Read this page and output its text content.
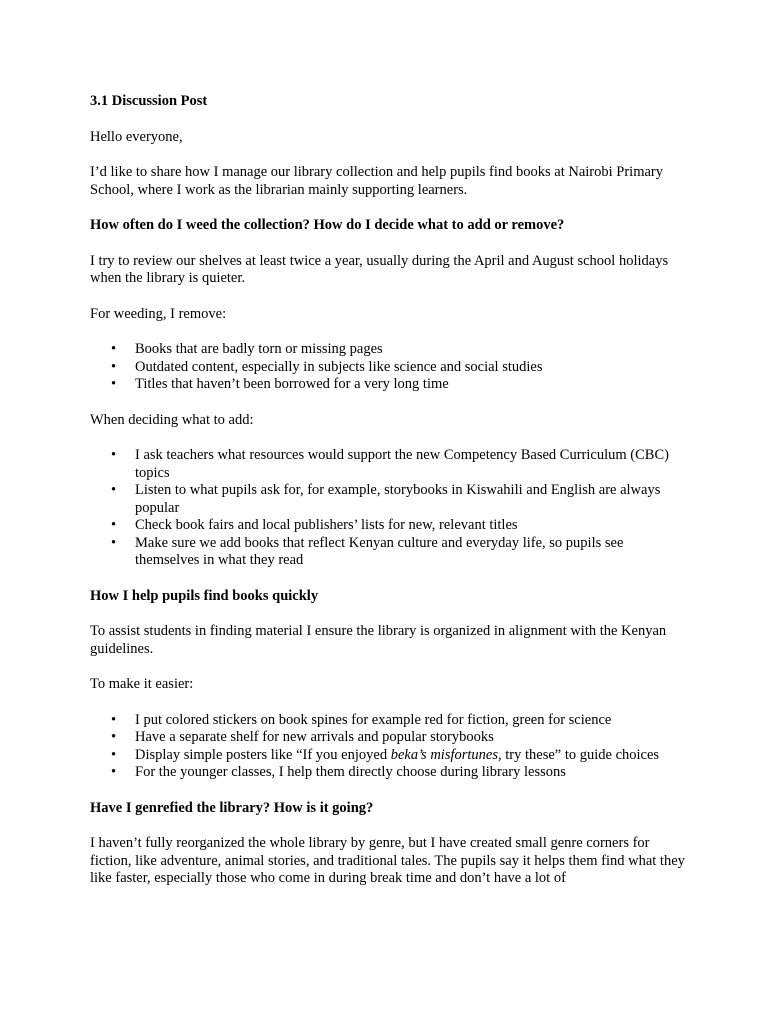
3.1 Discussion Post

Hello everyone,

I’d like to share how I manage our library collection and help pupils find books at Nairobi Primary School, where I work as the librarian mainly supporting learners.

How often do I weed the collection? How do I decide what to add or remove?

I try to review our shelves at least twice a year, usually during the April and August school holidays when the library is quieter.

For weeding, I remove:

• Books that are badly torn or missing pages
• Outdated content, especially in subjects like science and social studies
• Titles that haven’t been borrowed for a very long time

When deciding what to add:

• I ask teachers what resources would support the new Competency Based Curriculum (CBC) topics
• Listen to what pupils ask for, for example, storybooks in Kiswahili and English are always popular
• Check book fairs and local publishers’ lists for new, relevant titles
• Make sure we add books that reflect Kenyan culture and everyday life, so pupils see themselves in what they read

How I help pupils find books quickly

To assist students in finding material I ensure the library is organized in alignment with the Kenyan guidelines.

To make it easier:

• I put colored stickers on book spines for example red for fiction, green for science
• Have a separate shelf for new arrivals and popular storybooks
• Display simple posters like “If you enjoyed beka’s misfortunes, try these” to guide choices
• For the younger classes, I help them directly choose during library lessons

Have I genrefied the library? How is it going?

I haven’t fully reorganized the whole library by genre, but I have created small genre corners for fiction, like adventure, animal stories, and traditional tales. The pupils say it helps them find what they like faster, especially those who come in during break time and don’t have a lot of
